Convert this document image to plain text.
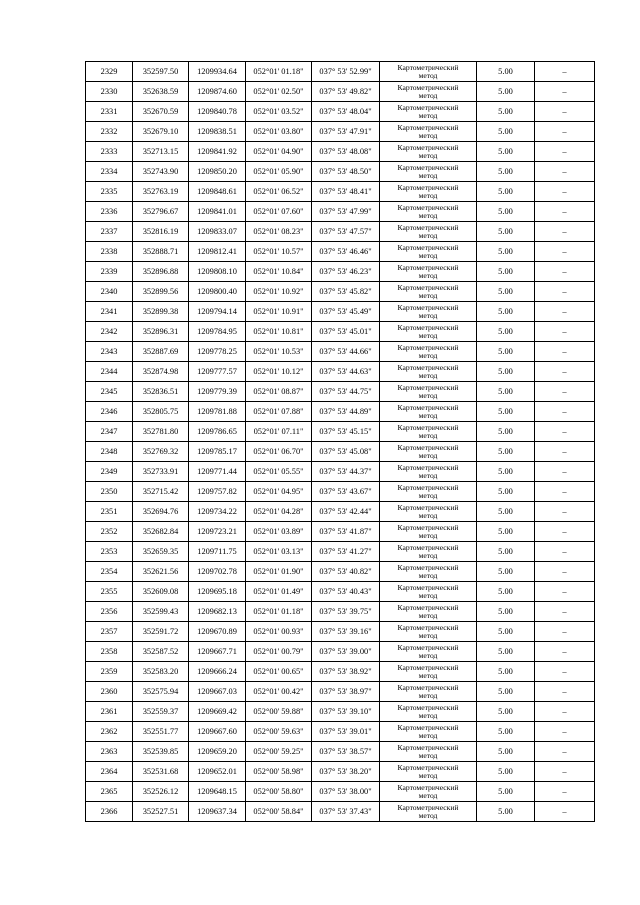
2329	352597.50	1209934.64	052°01' 01.18"	037° 53' 52.99"	Картометрический
метод	5.00	–
2330	352638.59	1209874.60	052°01' 02.50"	037° 53' 49.82"	Картометрический
метод	5.00	–
2331	352670.59	1209840.78	052°01' 03.52"	037° 53' 48.04"	Картометрический
метод	5.00	–
2332	352679.10	1209838.51	052°01' 03.80"	037° 53' 47.91"	Картометрический
метод	5.00	–
2333	352713.15	1209841.92	052°01' 04.90"	037° 53' 48.08"	Картометрический
метод	5.00	–
2334	352743.90	1209850.20	052°01' 05.90"	037° 53' 48.50"	Картометрический
метод	5.00	–
2335	352763.19	1209848.61	052°01' 06.52"	037° 53' 48.41"	Картометрический
метод	5.00	–
2336	352796.67	1209841.01	052°01' 07.60"	037° 53' 47.99"	Картометрический
метод	5.00	–
2337	352816.19	1209833.07	052°01' 08.23"	037° 53' 47.57"	Картометрический
метод	5.00	–
2338	352888.71	1209812.41	052°01' 10.57"	037° 53' 46.46"	Картометрический
метод	5.00	–
2339	352896.88	1209808.10	052°01' 10.84"	037° 53' 46.23"	Картометрический
метод	5.00	–
2340	352899.56	1209800.40	052°01' 10.92"	037° 53' 45.82"	Картометрический
метод	5.00	–
2341	352899.38	1209794.14	052°01' 10.91"	037° 53' 45.49"	Картометрический
метод	5.00	–
2342	352896.31	1209784.95	052°01' 10.81"	037° 53' 45.01"	Картометрический
метод	5.00	–
2343	352887.69	1209778.25	052°01' 10.53"	037° 53' 44.66"	Картометрический
метод	5.00	–
2344	352874.98	1209777.57	052°01' 10.12"	037° 53' 44.63"	Картометрический
метод	5.00	–
2345	352836.51	1209779.39	052°01' 08.87"	037° 53' 44.75"	Картометрический
метод	5.00	–
2346	352805.75	1209781.88	052°01' 07.88"	037° 53' 44.89"	Картометрический
метод	5.00	–
2347	352781.80	1209786.65	052°01' 07.11"	037° 53' 45.15"	Картометрический
метод	5.00	–
2348	352769.32	1209785.17	052°01' 06.70"	037° 53' 45.08"	Картометрический
метод	5.00	–
2349	352733.91	1209771.44	052°01' 05.55"	037° 53' 44.37"	Картометрический
метод	5.00	–
2350	352715.42	1209757.82	052°01' 04.95"	037° 53' 43.67"	Картометрический
метод	5.00	–
2351	352694.76	1209734.22	052°01' 04.28"	037° 53' 42.44"	Картометрический
метод	5.00	–
2352	352682.84	1209723.21	052°01' 03.89"	037° 53' 41.87"	Картометрический
метод	5.00	–
2353	352659.35	1209711.75	052°01' 03.13"	037° 53' 41.27"	Картометрический
метод	5.00	–
2354	352621.56	1209702.78	052°01' 01.90"	037° 53' 40.82"	Картометрический
метод	5.00	–
2355	352609.08	1209695.18	052°01' 01.49"	037° 53' 40.43"	Картометрический
метод	5.00	–
2356	352599.43	1209682.13	052°01' 01.18"	037° 53' 39.75"	Картометрический
метод	5.00	–
2357	352591.72	1209670.89	052°01' 00.93"	037° 53' 39.16"	Картометрический
метод	5.00	–
2358	352587.52	1209667.71	052°01' 00.79"	037° 53' 39.00"	Картометрический
метод	5.00	–
2359	352583.20	1209666.24	052°01' 00.65"	037° 53' 38.92"	Картометрический
метод	5.00	–
2360	352575.94	1209667.03	052°01' 00.42"	037° 53' 38.97"	Картометрический
метод	5.00	–
2361	352559.37	1209669.42	052°00' 59.88"	037° 53' 39.10"	Картометрический
метод	5.00	–
2362	352551.77	1209667.60	052°00' 59.63"	037° 53' 39.01"	Картометрический
метод	5.00	–
2363	352539.85	1209659.20	052°00' 59.25"	037° 53' 38.57"	Картометрический
метод	5.00	–
2364	352531.68	1209652.01	052°00' 58.98"	037° 53' 38.20"	Картометрический
метод	5.00	–
2365	352526.12	1209648.15	052°00' 58.80"	037° 53' 38.00"	Картометрический
метод	5.00	–
2366	352527.51	1209637.34	052°00' 58.84"	037° 53' 37.43"	Картометрический
метод	5.00	–
